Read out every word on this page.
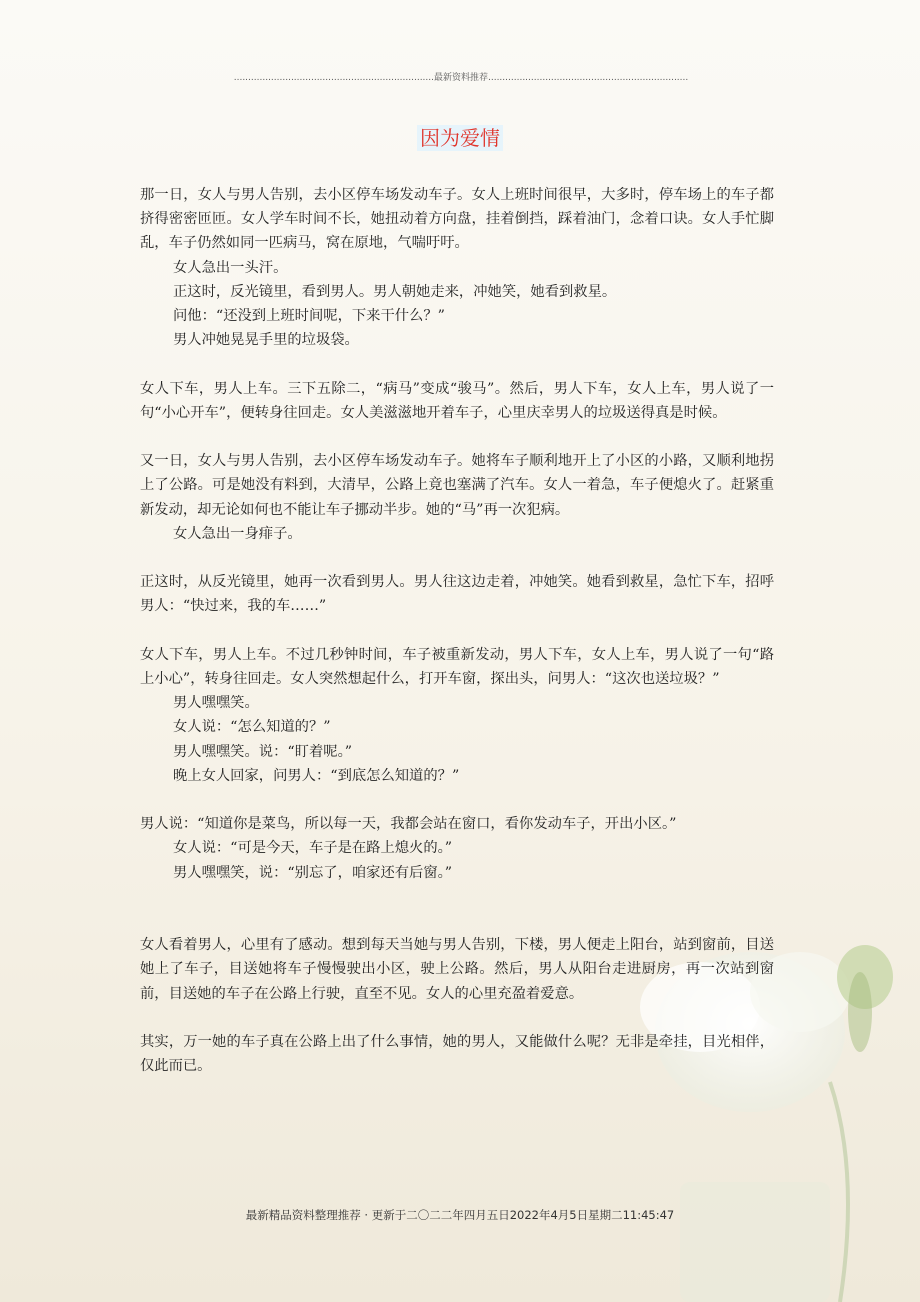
......................................................................最新资料推荐......................................................................
因为爱情

那一日，女人与男人告别，去小区停车场发动车子。女人上班时间很早，大多时，停车场上的车子都挤得密密匝匝。女人学车时间不长，她扭动着方向盘，挂着倒挡，踩着油门，念着口诀。女人手忙脚乱，车子仍然如同一匹病马，窝在原地，气喘吁吁。

女人急出一头汗。

正这时，反光镜里，看到男人。男人朝她走来，冲她笑，她看到救星。

问他：“还没到上班时间呢，下来干什么？”

男人冲她晃晃手里的垃圾袋。

女人下车，男人上车。三下五除二，“病马”变成“骏马”。然后，男人下车，女人上车，男人说了一句“小心开车”，便转身往回走。女人美滋滋地开着车子，心里庆幸男人的垃圾送得真是时候。

又一日，女人与男人告别，去小区停车场发动车子。她将车子顺利地开上了小区的小路，又顺利地拐上了公路。可是她没有料到，大清早，公路上竟也塞满了汽车。女人一着急，车子便熄火了。赶紧重新发动，却无论如何也不能让车子挪动半步。她的“马”再一次犯病。

女人急出一身痱子。

正这时，从反光镜里，她再一次看到男人。男人往这边走着，冲她笑。她看到救星，急忙下车，招呼男人：“快过来，我的车……”

女人下车，男人上车。不过几秒钟时间，车子被重新发动，男人下车，女人上车，男人说了一句“路上小心”，转身往回走。女人突然想起什么，打开车窗，探出头，问男人：“这次也送垃圾？”

男人嘿嘿笑。

女人说：“怎么知道的？”

男人嘿嘿笑。说：“盯着呢。”

晚上女人回家，问男人：“到底怎么知道的？”

男人说：“知道你是菜鸟，所以每一天，我都会站在窗口，看你发动车子，开出小区。”

女人说：“可是今天，车子是在路上熄火的。”

男人嘿嘿笑，说：“别忘了，咱家还有后窗。”

女人看着男人，心里有了感动。想到每天当她与男人告别，下楼，男人便走上阳台，站到窗前，目送她上了车子，目送她将车子慢慢驶出小区，驶上公路。然后，男人从阳台走进厨房，再一次站到窗前，目送她的车子在公路上行驶，直至不见。女人的心里充盈着爱意。

其实，万一她的车子真在公路上出了什么事情，她的男人，又能做什么呢？无非是牵挂，目光相伴，仅此而已。

最新精品资料整理推荐 · 更新于二〇二二年四月五日2022年4月5日星期二11:45:47
